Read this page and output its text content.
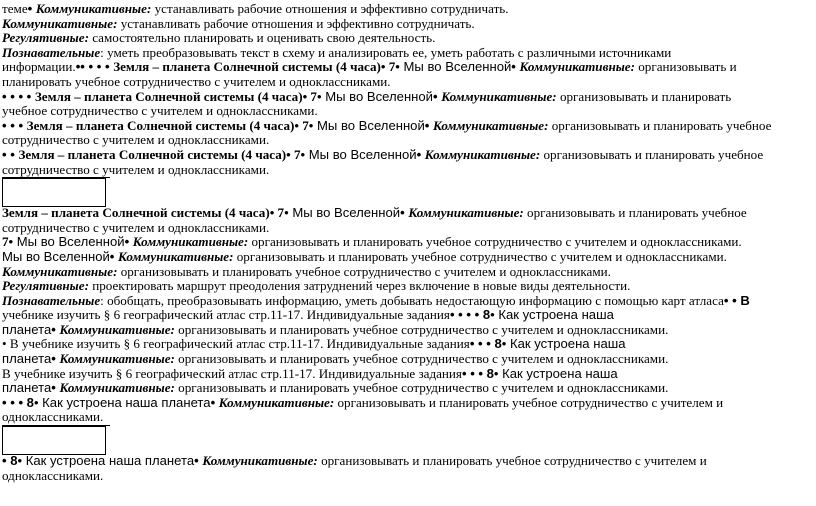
теме• Коммуникативные: устанавливать рабочие отношения и эффективно сотрудничать.

Коммуникативные: устанавливать рабочие отношения и эффективно сотрудничать.

Регулятивные: самостоятельно планировать и оценивать свою деятельность.

Познавательные: уметь преобразовывать текст в схему и анализировать ее, уметь работать с различными источниками
информации.•• • • • Земля – планета Солнечной системы (4 часа)• 7• Мы во Вселенной• Коммуникативные: организовывать и
планировать учебное сотрудничество с учителем и одноклассниками.

• • • • Земля – планета Солнечной системы (4 часа)• 7• Мы во Вселенной• Коммуникативные: организовывать и планировать
учебное сотрудничество с учителем и одноклассниками.

• • • Земля – планета Солнечной системы (4 часа)• 7• Мы во Вселенной• Коммуникативные: организовывать и планировать учебное
сотрудничество с учителем и одноклассниками.

• • Земля – планета Солнечной системы (4 часа)• 7• Мы во Вселенной• Коммуникативные: организовывать и планировать учебное
сотрудничество с учителем и одноклассниками.

Земля – планета Солнечной системы (4 часа)• 7• Мы во Вселенной• Коммуникативные: организовывать и планировать учебное
сотрудничество с учителем и одноклассниками.

7• Мы во Вселенной• Коммуникативные: организовывать и планировать учебное сотрудничество с учителем и одноклассниками.

Мы во Вселенной• Коммуникативные: организовывать и планировать учебное сотрудничество с учителем и одноклассниками.

Коммуникативные: организовывать и планировать учебное сотрудничество с учителем и одноклассниками.

Регулятивные: проектировать маршрут преодоления затруднений через включение в новые виды деятельности.

Познавательные: обобщать, преобразовывать информацию, уметь добывать недостающую информацию с помощью карт атласа• • В
учебнике изучить § 6 географический атлас стр.11-17. Индивидуальные задания• • • • 8• Как устроена наша
планета• Коммуникативные: организовывать и планировать учебное сотрудничество с учителем и одноклассниками.

• В учебнике изучить § 6 географический атлас стр.11-17. Индивидуальные задания• • • 8• Как устроена наша
планета• Коммуникативные: организовывать и планировать учебное сотрудничество с учителем и одноклассниками.

В учебнике изучить § 6 географический атлас стр.11-17. Индивидуальные задания• • • 8• Как устроена наша
планета• Коммуникативные: организовывать и планировать учебное сотрудничество с учителем и одноклассниками.

• • • 8• Как устроена наша планета• Коммуникативные: организовывать и планировать учебное сотрудничество с учителем и
одноклассниками.

• 8• Как устроена наша планета• Коммуникативные: организовывать и планировать учебное сотрудничество с учителем и
одноклассниками.
